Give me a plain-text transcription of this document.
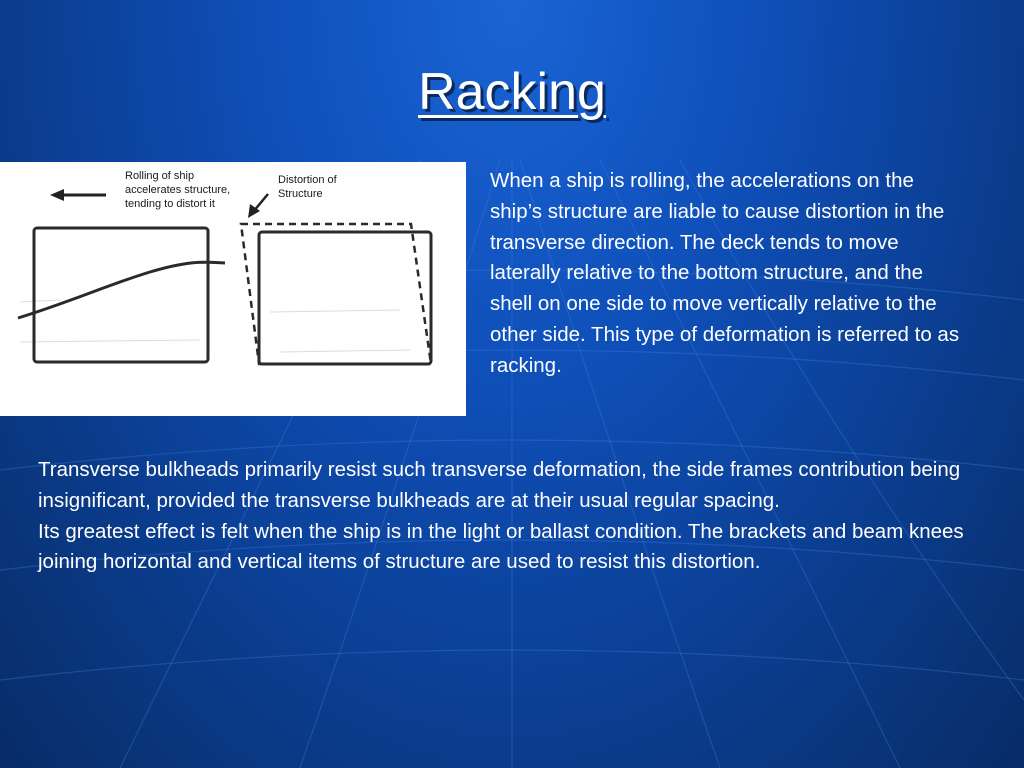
Racking
Rolling of ship
accelerates structure,
tending to distort it
Distortion of
Structure

When a ship is rolling, the accelerations on the ship’s structure are liable to cause distortion in the transverse direction. The deck tends to move laterally relative to the bottom structure, and the shell on one side to move vertically relative to the other side. This type of deformation is referred to as racking.

Transverse bulkheads primarily resist such transverse deformation, the side frames contribution being insignificant, provided the transverse bulkheads are at their usual regular spacing.

Its greatest effect is felt when the ship is in the light or ballast condition. The brackets and beam knees joining horizontal and vertical items of structure are used to resist this distortion.
